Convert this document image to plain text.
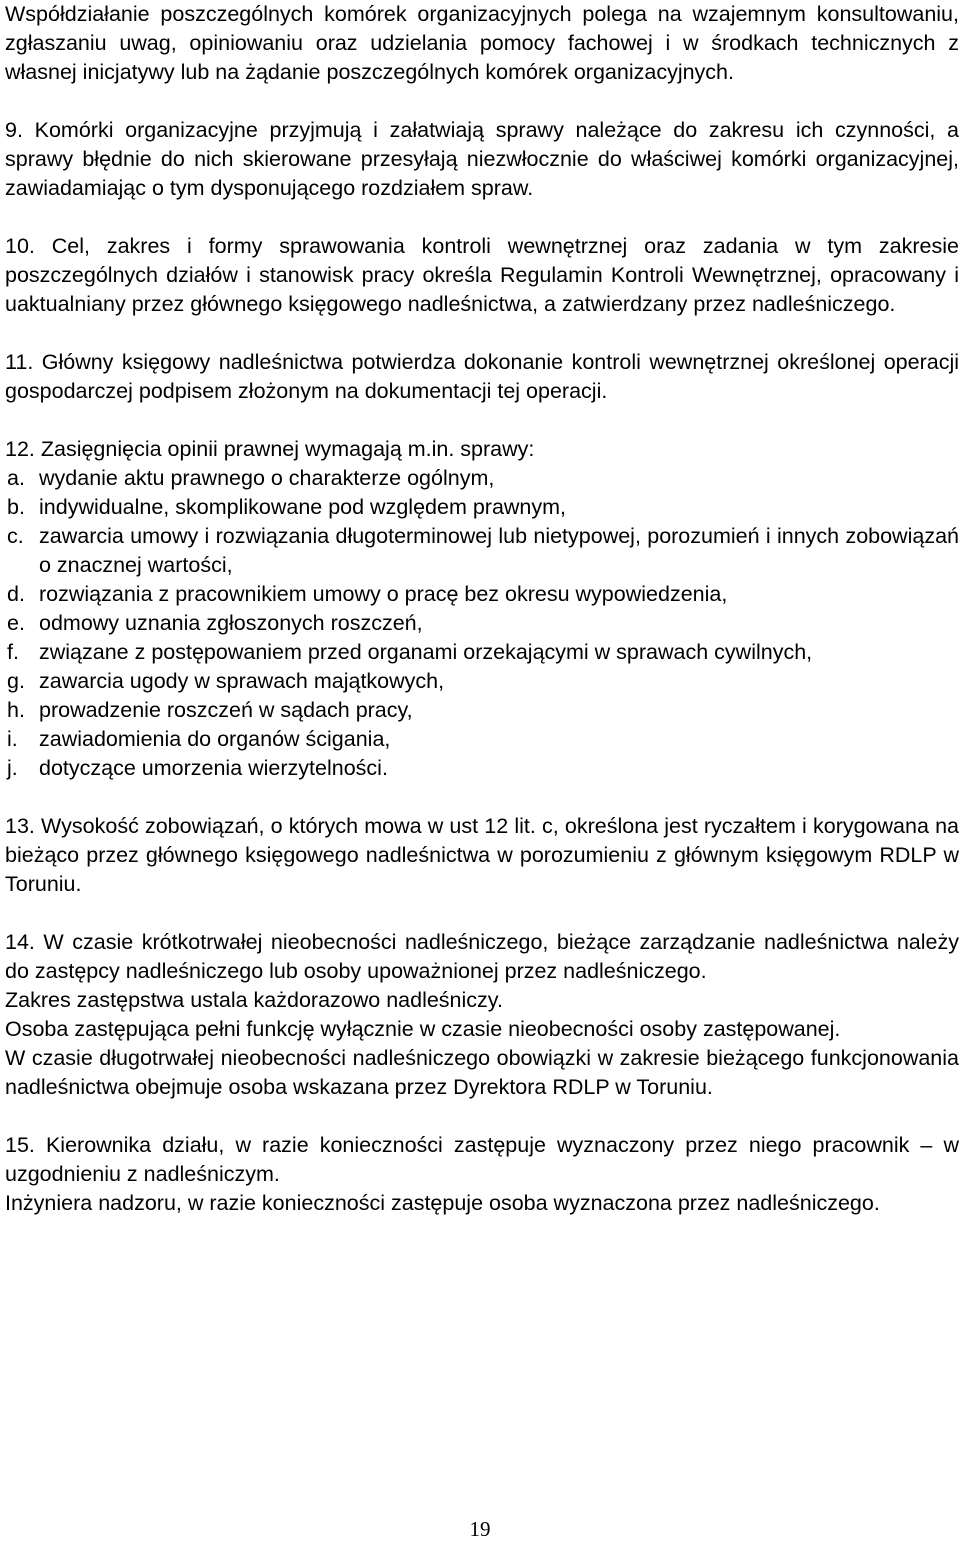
Współdziałanie poszczególnych komórek organizacyjnych polega na wzajemnym konsultowaniu, zgłaszaniu uwag, opiniowaniu oraz udzielania pomocy fachowej i w środkach technicznych z własnej inicjatywy lub na żądanie poszczególnych komórek organizacyjnych.

9. Komórki organizacyjne przyjmują i załatwiają sprawy należące do zakresu ich czynności, a sprawy błędnie do nich skierowane przesyłają niezwłocznie do właściwej komórki organizacyjnej, zawiadamiając o tym dysponującego rozdziałem spraw.

10. Cel, zakres i formy sprawowania kontroli wewnętrznej oraz zadania w tym zakresie poszczególnych działów i stanowisk pracy określa Regulamin Kontroli Wewnętrznej, opracowany i uaktualniany przez głównego księgowego nadleśnictwa, a zatwierdzany przez nadleśniczego.

11. Główny księgowy nadleśnictwa potwierdza dokonanie kontroli wewnętrznej określonej operacji gospodarczej podpisem złożonym na dokumentacji tej operacji.

12. Zasięgnięcia opinii prawnej wymagają m.in. sprawy:

a. wydanie aktu prawnego o charakterze ogólnym,
b. indywidualne, skomplikowane pod względem prawnym,
c. zawarcia umowy i rozwiązania długoterminowej lub nietypowej, porozumień i innych zobowiązań o znacznej wartości,
d. rozwiązania z pracownikiem umowy o pracę bez okresu wypowiedzenia,
e. odmowy uznania zgłoszonych roszczeń,
f. związane z postępowaniem przed organami orzekającymi w sprawach cywilnych,
g. zawarcia ugody w sprawach majątkowych,
h. prowadzenie roszczeń w sądach pracy,
i. zawiadomienia do organów ścigania,
j. dotyczące umorzenia wierzytelności.

13. Wysokość zobowiązań, o których mowa w ust 12 lit. c, określona jest ryczałtem i korygowana na bieżąco przez głównego księgowego nadleśnictwa w porozumieniu z głównym księgowym RDLP w Toruniu.

14. W czasie krótkotrwałej nieobecności nadleśniczego, bieżące zarządzanie nadleśnictwa należy do zastępcy nadleśniczego lub osoby upoważnionej przez nadleśniczego.

Zakres zastępstwa ustala każdorazowo nadleśniczy.

Osoba zastępująca pełni funkcję wyłącznie w czasie nieobecności osoby zastępowanej.

W czasie długotrwałej nieobecności nadleśniczego obowiązki w zakresie bieżącego funkcjonowania nadleśnictwa obejmuje osoba wskazana przez Dyrektora RDLP w Toruniu.

15. Kierownika działu, w razie konieczności zastępuje wyznaczony przez niego pracownik – w uzgodnieniu z nadleśniczym.

Inżyniera nadzoru, w razie konieczności zastępuje osoba wyznaczona przez nadleśniczego.

19
